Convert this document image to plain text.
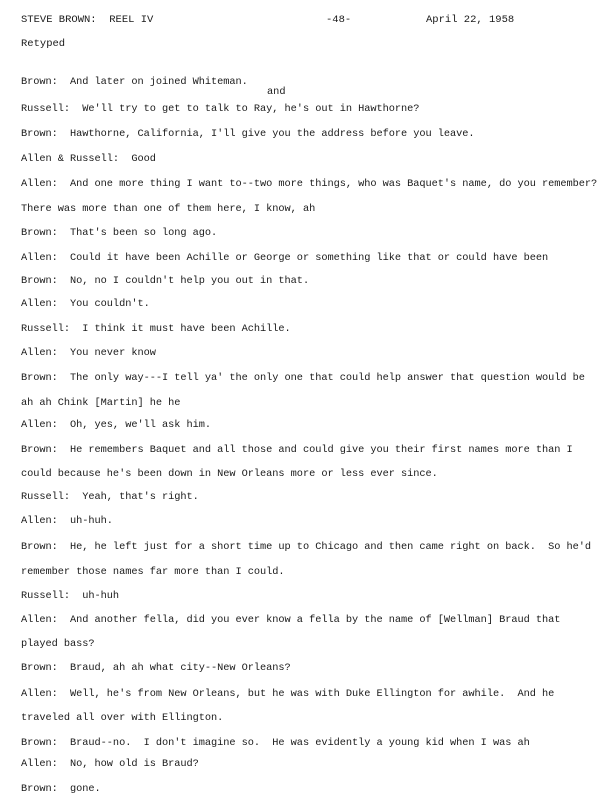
STEVE BROWN:  REEL IV	-48-	April 22, 1958
Retyped
and
Brown:  And later on joined Whiteman.
Russell:  We'll try to get to talk to Ray, he's out in Hawthorne?
Brown:  Hawthorne, California, I'll give you the address before you leave.
Allen & Russell:  Good
Allen:  And one more thing I want to--two more things, who was Baquet's name, do you remember?
There was more than one of them here, I know, ah
Brown:  That's been so long ago.
Allen:  Could it have been Achille or George or something like that or could have been
Brown:  No, no I couldn't help you out in that.
Allen:  You couldn't.
Russell:  I think it must have been Achille.
Allen:  You never know
Brown:  The only way---I tell ya' the only one that could help answer that question would be
ah ah Chink [Martin] he he
Allen:  Oh, yes, we'll ask him.
Brown:  He remembers Baquet and all those and could give you their first names more than I
could because he's been down in New Orleans more or less ever since.
Russell:  Yeah, that's right.
Allen:  uh-huh.
Brown:  He, he left just for a short time up to Chicago and then came right on back.  So he'd
remember those names far more than I could.
Russell:  uh-huh
Allen:  And another fella, did you ever know a fella by the name of [Wellman] Braud that
played bass?
Brown:  Braud, ah ah what city--New Orleans?
Allen:  Well, he's from New Orleans, but he was with Duke Ellington for awhile.  And he
traveled all over with Ellington.
Brown:  Braud--no.  I don't imagine so.  He was evidently a young kid when I was ah
Allen:  No, how old is Braud?
Brown:  gone.
